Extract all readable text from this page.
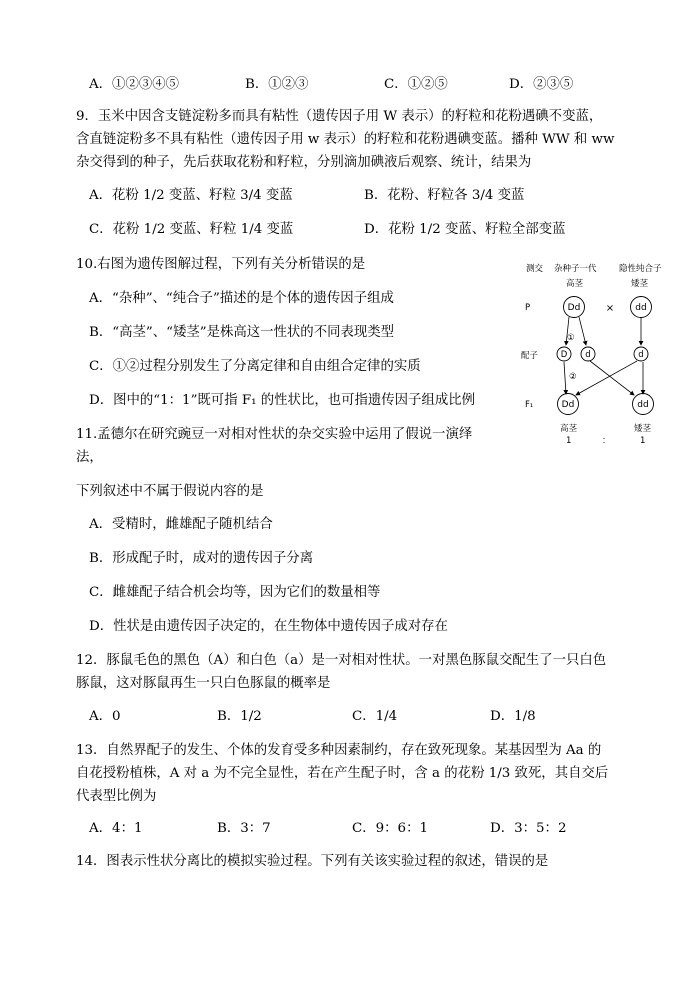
A．①②③④⑤	B．①②③	C．①②⑤	D．②③⑤
9．玉米中因含支链淀粉多而具有粘性（遗传因子用 W 表示）的籽粒和花粉遇碘不变蓝，
含直链淀粉多不具有粘性（遗传因子用 w 表示）的籽粒和花粉遇碘变蓝。播种 WW 和 ww
杂交得到的种子，先后获取花粉和籽粒，分别滴加碘液后观察、统计，结果为
A．花粉 1/2 变蓝、籽粒 3/4 变蓝	B．花粉、籽粒各 3/4 变蓝
C．花粉 1/2 变蓝、籽粒 1/4 变蓝	D．花粉 1/2 变蓝、籽粒全部变蓝
10.右图为遗传图解过程，下列有关分析错误的是
A．“杂种”、“纯合子”描述的是个体的遗传因子组成
B．“高茎”、“矮茎”是株高这一性状的不同表现类型
C．①②过程分别发生了分离定律和自由组合定律的实质
D．图中的“1：1”既可指 F₁ 的性状比，也可指遗传因子组成比例
测交 杂种子一代	隐性纯合子
高茎	矮茎
P
配子
F₁
Dd	× dd
①
D d	d
②
Dd	dd
高茎	矮茎
1	：	1
11.孟德尔在研究豌豆一对相对性状的杂交实验中运用了假说一演绎
法，
下列叙述中不属于假说内容的是
A．受精时，雌雄配子随机结合
B．形成配子时，成对的遗传因子分离
C．雌雄配子结合机会均等，因为它们的数量相等
D．性状是由遗传因子决定的，在生物体中遗传因子成对存在
12．豚鼠毛色的黑色（A）和白色（a）是一对相对性状。一对黑色豚鼠交配生了一只白色
豚鼠，这对豚鼠再生一只白色豚鼠的概率是
A．0	B．1/2	C．1/4	D．1/8
13．自然界配子的发生、个体的发育受多种因素制约，存在致死现象。某基因型为 Aa 的
自花授粉植株，A 对 a 为不完全显性，若在产生配子时，含 a 的花粉 1/3 致死，其自交后
代表型比例为
A．4：1	B．3：7	C．9：6：1	D．3：5：2
14．图表示性状分离比的模拟实验过程。下列有关该实验过程的叙述，错误的是
